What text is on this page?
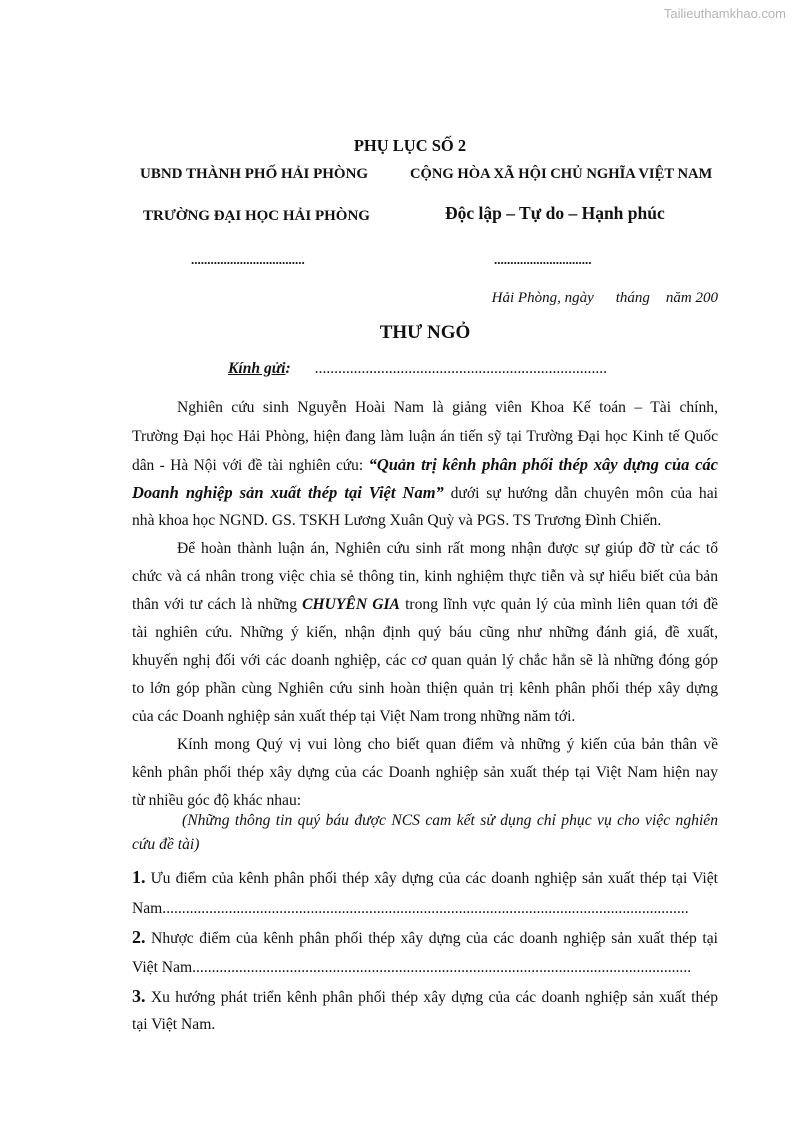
Tailieuthamkhao.com
PHỤ LỤC SỐ 2
UBND THÀNH PHỐ HẢI PHÒNG	CỘNG HÒA XÃ HỘI CHỦ NGHĨA VIỆT NAM
TRƯỜNG ĐẠI HỌC HẢI PHÒNG	Độc lập – Tự do – Hạnh phúc
...................................	..............................
Hải Phòng, ngày tháng năm 200
THƯ NGỎ
Kính gửi: ...........................................................................
Nghiên cứu sinh Nguyễn Hoài Nam là giảng viên Khoa Kế toán – Tài chính,
Trường Đại học Hải Phòng, hiện đang làm luận án tiến sỹ tại Trường Đại học Kinh tế Quốc
dân - Hà Nội với đề tài nghiên cứu: “Quản trị kênh phân phối thép xây dựng của các
Doanh nghiệp sản xuất thép tại Việt Nam” dưới sự hướng dẫn chuyên môn của hai
nhà khoa học NGND. GS. TSKH Lương Xuân Quỳ và PGS. TS Trương Đình Chiến.
Để hoàn thành luận án, Nghiên cứu sinh rất mong nhận được sự giúp đỡ từ các tổ
chức và cá nhân trong việc chia sẻ thông tin, kinh nghiệm thực tiễn và sự hiểu biết của bản
thân với tư cách là những CHUYÊN GIA trong lĩnh vực quản lý của mình liên quan tới đề
tài nghiên cứu. Những ý kiến, nhận định quý báu cũng như những đánh giá, đề xuất,
khuyến nghị đối với các doanh nghiệp, các cơ quan quản lý chắc hẳn sẽ là những đóng góp
to lớn góp phần cùng Nghiên cứu sinh hoàn thiện quản trị kênh phân phối thép xây dựng
của các Doanh nghiệp sản xuất thép tại Việt Nam trong những năm tới.
Kính mong Quý vị vui lòng cho biết quan điểm và những ý kiến của bản thân về
kênh phân phối thép xây dựng của các Doanh nghiệp sản xuất thép tại Việt Nam hiện nay
từ nhiều góc độ khác nhau:
(Những thông tin quý báu được NCS cam kết sử dụng chỉ phục vụ cho việc nghiên
cứu đề tài)
1. Ưu điểm của kênh phân phối thép xây dựng của các doanh nghiệp sản xuất thép tại Việt
Nam.......................................................................................................................................
2. Nhược điểm của kênh phân phối thép xây dựng của các doanh nghiệp sản xuất thép tại
Việt Nam................................................................................................................................
3. Xu hướng phát triển kênh phân phối thép xây dựng của các doanh nghiệp sản xuất thép
tại Việt Nam.
